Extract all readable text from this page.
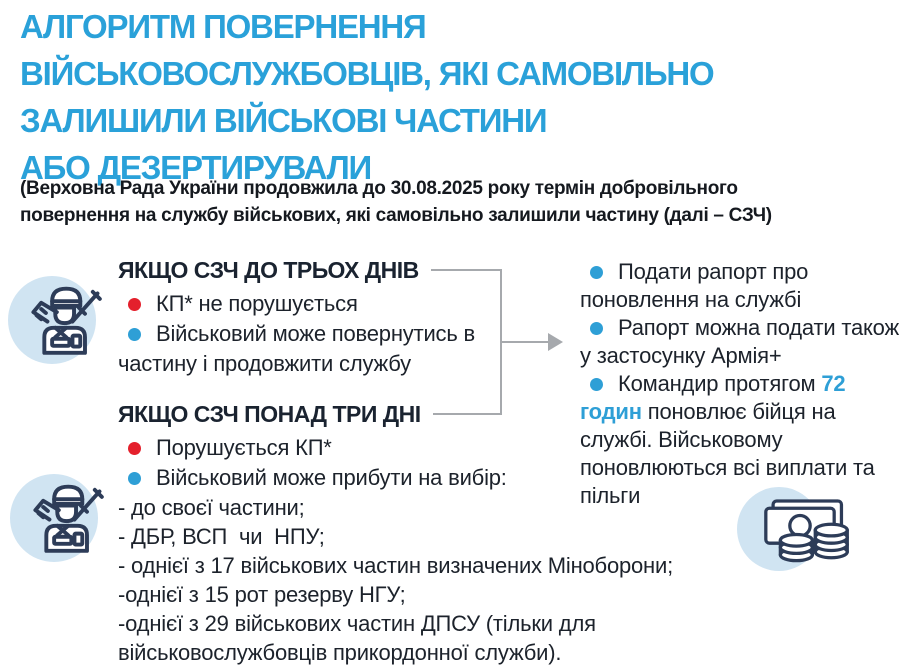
АЛГОРИТМ ПОВЕРНЕННЯ
ВІЙСЬКОВОСЛУЖБОВЦІВ, ЯКІ САМОВІЛЬНО
ЗАЛИШИЛИ ВІЙСЬКОВІ ЧАСТИНИ
АБО ДЕЗЕРТИРУВАЛИ
(Верховна Рада України продовжила до 30.08.2025 року термін добровільного
повернення на службу військових, які самовільно залишили частину (далі – СЗЧ)
ЯКЩО СЗЧ ДО ТРЬОХ ДНІВ
КП* не порушується
Військовий може повернутись в частину і продовжити службу
ЯКЩО СЗЧ ПОНАД ТРИ ДНІ
Порушується КП*
Військовий може прибути на вибір:
- до своєї частини;
- ДБР, ВСП  чи  НПУ;
- однієї з 17 військових частин визначених Міноборони;
-однієї з 15 рот резерву НГУ;
-однієї з 29 військових частин ДПСУ (тільки для військовослужбовців прикордонної служби).
Подати рапорт про поновлення на службі
Рапорт можна подати також у застосунку Армія+
Командир протягом 72 годин поновлює бійця на службі. Військовому поновлюються всі виплати та пільги
